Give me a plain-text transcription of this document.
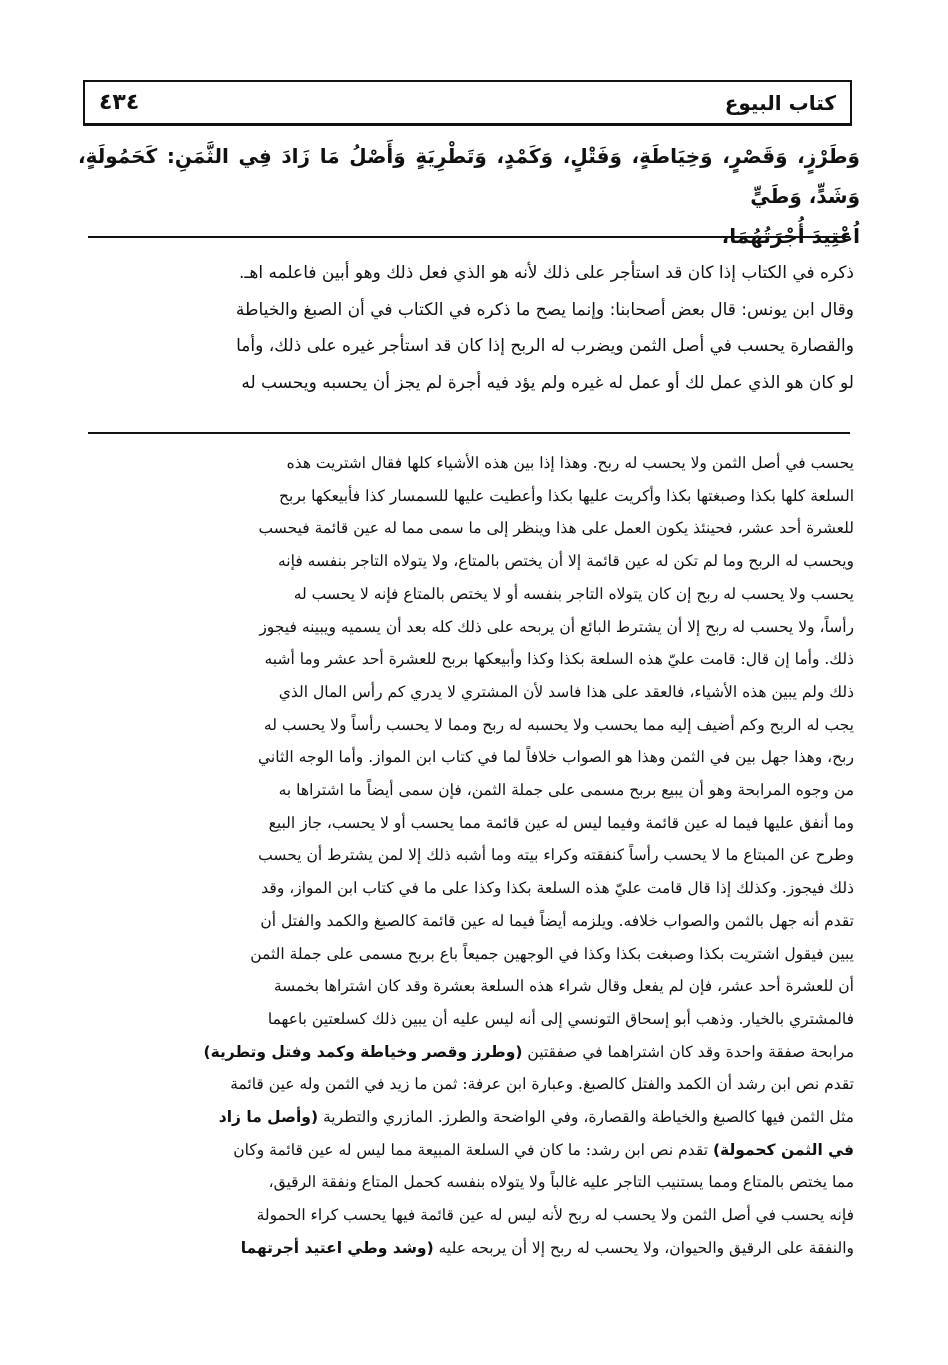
٤٣٤	كتاب البيوع

وَطَرْزٍ، وَقَصْرٍ، وَخِيَاطَةٍ، وَفَتْلٍ، وَكَمْدٍ، وَتَطْرِيَةٍ وَأَصْلُ مَا زَادَ فِي الثَّمَنِ: كَحَمُولَةٍ، وَشَدٍّ، وَطَيٍّ

اُعْتِيدَ أُجْرَتُهُمَا،

ذكره في الكتاب إذا كان قد استأجر على ذلك لأنه هو الذي فعل ذلك وهو أبين فاعلمه اهـ.

وقال ابن يونس: قال بعض أصحابنا: وإنما يصح ما ذكره في الكتاب في أن الصبغ والخياطة

والقصارة يحسب في أصل الثمن ويضرب له الربح إذا كان قد استأجر غيره على ذلك، وأما

لو كان هو الذي عمل لك أو عمل له غيره ولم يؤد فيه أجرة لم يجز أن يحسبه ويحسب له

يحسب في أصل الثمن ولا يحسب له ربح. وهذا إذا بين هذه الأشياء كلها فقال اشتريت هذه

السلعة كلها بكذا وصبغتها بكذا وأكريت عليها بكذا وأعطيت عليها للسمسار كذا فأبيعكها بربح

للعشرة أحد عشر، فحينئذ يكون العمل على هذا وينظر إلى ما سمى مما له عين قائمة فيحسب

ويحسب له الربح وما لم تكن له عين قائمة إلا أن يختص بالمتاع، ولا يتولاه التاجر بنفسه فإنه

يحسب ولا يحسب له ربح إن كان يتولاه التاجر بنفسه أو لا يختص بالمتاع فإنه لا يحسب له

رأساً، ولا يحسب له ربح إلا أن يشترط البائع أن يربحه على ذلك كله بعد أن يسميه ويبينه فيجوز

ذلك. وأما إن قال: قامت عليّ هذه السلعة بكذا وكذا وأبيعكها بربح للعشرة أحد عشر وما أشبه

ذلك ولم يبين هذه الأشياء، فالعقد على هذا فاسد لأن المشتري لا يدري كم رأس المال الذي

يجب له الربح وكم أضيف إليه مما يحسب ولا يحسبه له ربح ومما لا يحسب رأساً ولا يحسب له

ربح، وهذا جهل بين في الثمن وهذا هو الصواب خلافاً لما في كتاب ابن المواز. وأما الوجه الثاني

من وجوه المرابحة وهو أن يبيع بربح مسمى على جملة الثمن، فإن سمى أيضاً ما اشتراها به

وما أنفق عليها فيما له عين قائمة وفيما ليس له عين قائمة مما يحسب أو لا يحسب، جاز البيع

وطرح عن المبتاع ما لا يحسب رأساً كنفقته وكراء بيته وما أشبه ذلك إلا لمن يشترط أن يحسب

ذلك فيجوز. وكذلك إذا قال قامت عليّ هذه السلعة بكذا وكذا على ما في كتاب ابن المواز، وقد

تقدم أنه جهل بالثمن والصواب خلافه. ويلزمه أيضاً فيما له عين قائمة كالصبغ والكمد والفتل أن

يبين فيقول اشتريت بكذا وصبغت بكذا وكذا في الوجهين جميعاً باع بربح مسمى على جملة الثمن

أن للعشرة أحد عشر، فإن لم يفعل وقال شراء هذه السلعة بعشرة وقد كان اشتراها بخمسة

فالمشتري بالخيار. وذهب أبو إسحاق التونسي إلى أنه ليس عليه أن يبين ذلك كسلعتين باعهما

مرابحة صفقة واحدة وقد كان اشتراهما في صفقتين (وطرز وقصر وخياطة وكمد وفتل وتطرية)

تقدم نص ابن رشد أن الكمد والفتل كالصبغ. وعبارة ابن عرفة: ثمن ما زيد في الثمن وله عين قائمة

مثل الثمن فيها كالصبغ والخياطة والقصارة، وفي الواضحة والطرز. المازري والتطرية (وأصل ما زاد

في الثمن كحمولة) تقدم نص ابن رشد: ما كان في السلعة المبيعة مما ليس له عين قائمة وكان

مما يختص بالمتاع ومما يستنيب التاجر عليه غالباً ولا يتولاه بنفسه كحمل المتاع ونفقة الرقيق،

فإنه يحسب في أصل الثمن ولا يحسب له ربح لأنه ليس له عين قائمة فيها يحسب كراء الحمولة

والنفقة على الرقيق والحيوان، ولا يحسب له ربح إلا أن يربحه عليه (وشد وطي اعتيد أجرتهما
